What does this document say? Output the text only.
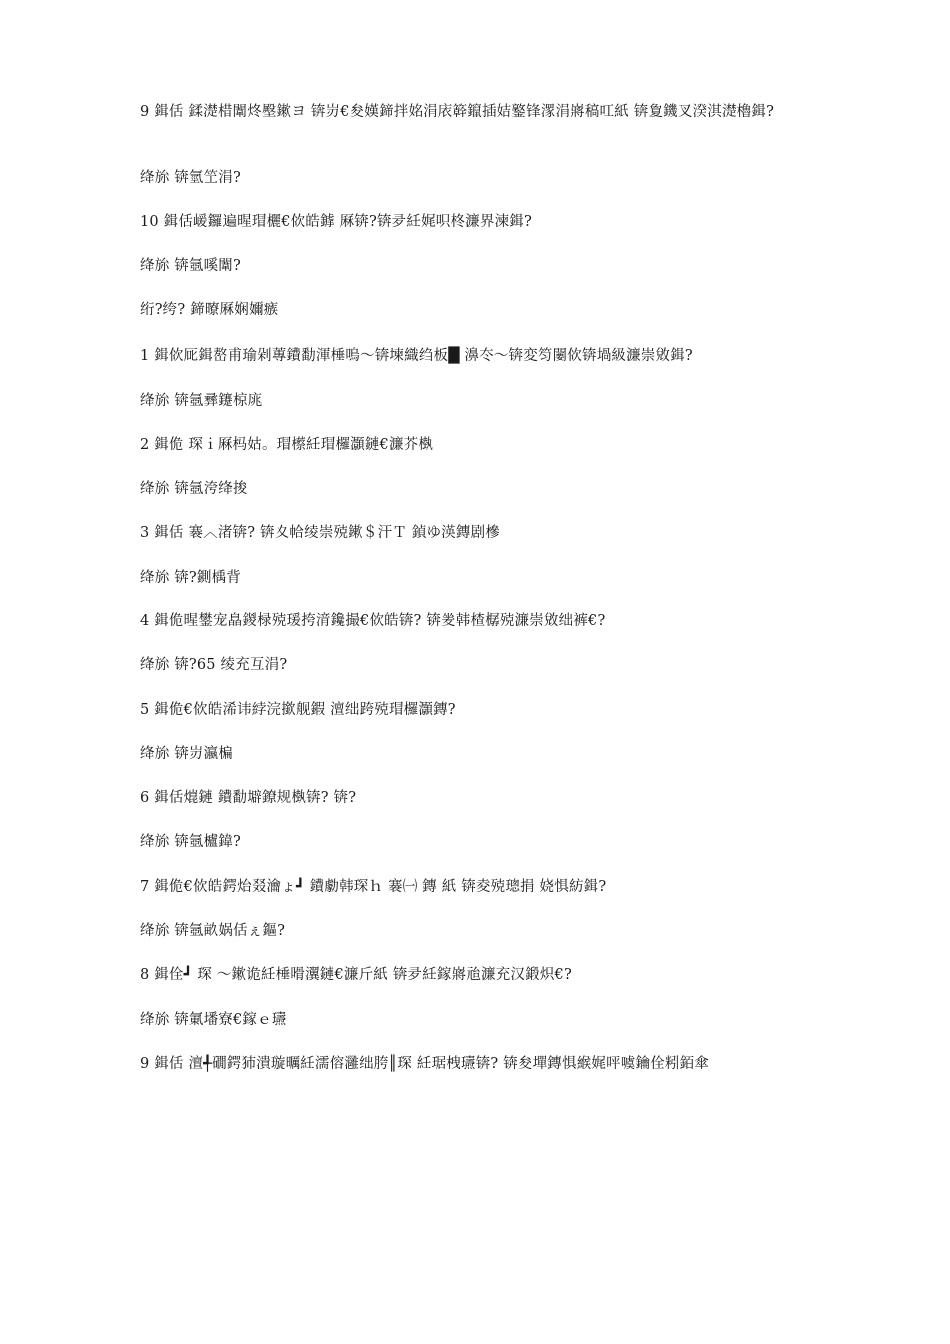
9 鍓佸 鍒濋棤闈炵壂鏉ヨ 锛岃€夋嫨鍗拌姳涓庡簳鑹插姞鐜锋潈涓嶈稿叿紙 锛夐鐖叉湀淇濋櫓鍓?
绛旀 锛氫笁涓?
10 鍓佸嵈鑼遍暒瑁欐€佽皓鎼 厤锛?锛夛紝娓呮柊濂界湅鍓?
绛旀 锛氬嗘闈?
绗?绔? 鍗曢厤娴嬭瘯
1 鍓佽厑鍓嶅甫瑜剁蓴鐨勫渾棰嗚～锛堜織绉板█ 濞冭～锛変笉闄佽锛堝級濂崇敓鍓?
绛旀 锛氬彞鑳椋庣
2 鍓佹 琛ｉ厤杩姑。瑁櫒紝瑁欏灝鏈€濂芥槸
绛旀 锛氬洿绛捘
3 鍓佸 褰︿渚锛? 锛夊帢绫崇殑鏉＄汗Ｔ 鍞ゆ渶鏄剧槮
绛旀 锛?鍘楀背
4 鍓佹暒鐢宠皛鍐椂殑瑗挎湇鑱撮€佽皓锛? 锛夎韩楂樼殑濂崇敓绌裤€?
绛旀 锛?65 绫充互涓?
5 鍓佹€佽皓浠讳綍浣撳舰鍜 澶绌跨殑瑁欏灝鏄?
绛旀 锛岃瀛楄
6 鍓佸熴鏈 鐨勫壀鐐规槸锛? 锛?
绛旀 锛氬櫨鍏?
7 鍓佹€佽皓鍔炲叕瀹ょ┛ 鐨勮韩琛ｈ 褰㈠ 鏄 紙 锛夌殑璁捐 娆惧紡鍓?
绛旀 锛氬畝娲佸ぇ鏂?
8 鍓佺┛ 琛 ～鏉诡紝棰嗗瀷鏈€濂斤紙 锛夛紝鎵嶈兘濂充汉鍛炽€?
绛旀 锛氭墦寮€鎵ｅ瓙
9 鍓佸 澶╃礀鍔犻潰璇曞紝濡傛灉绌胯║琛 紝琚栧瓙锛? 锛夋墠鏄惧緱娓呯噳鑰佺粌銆傘
